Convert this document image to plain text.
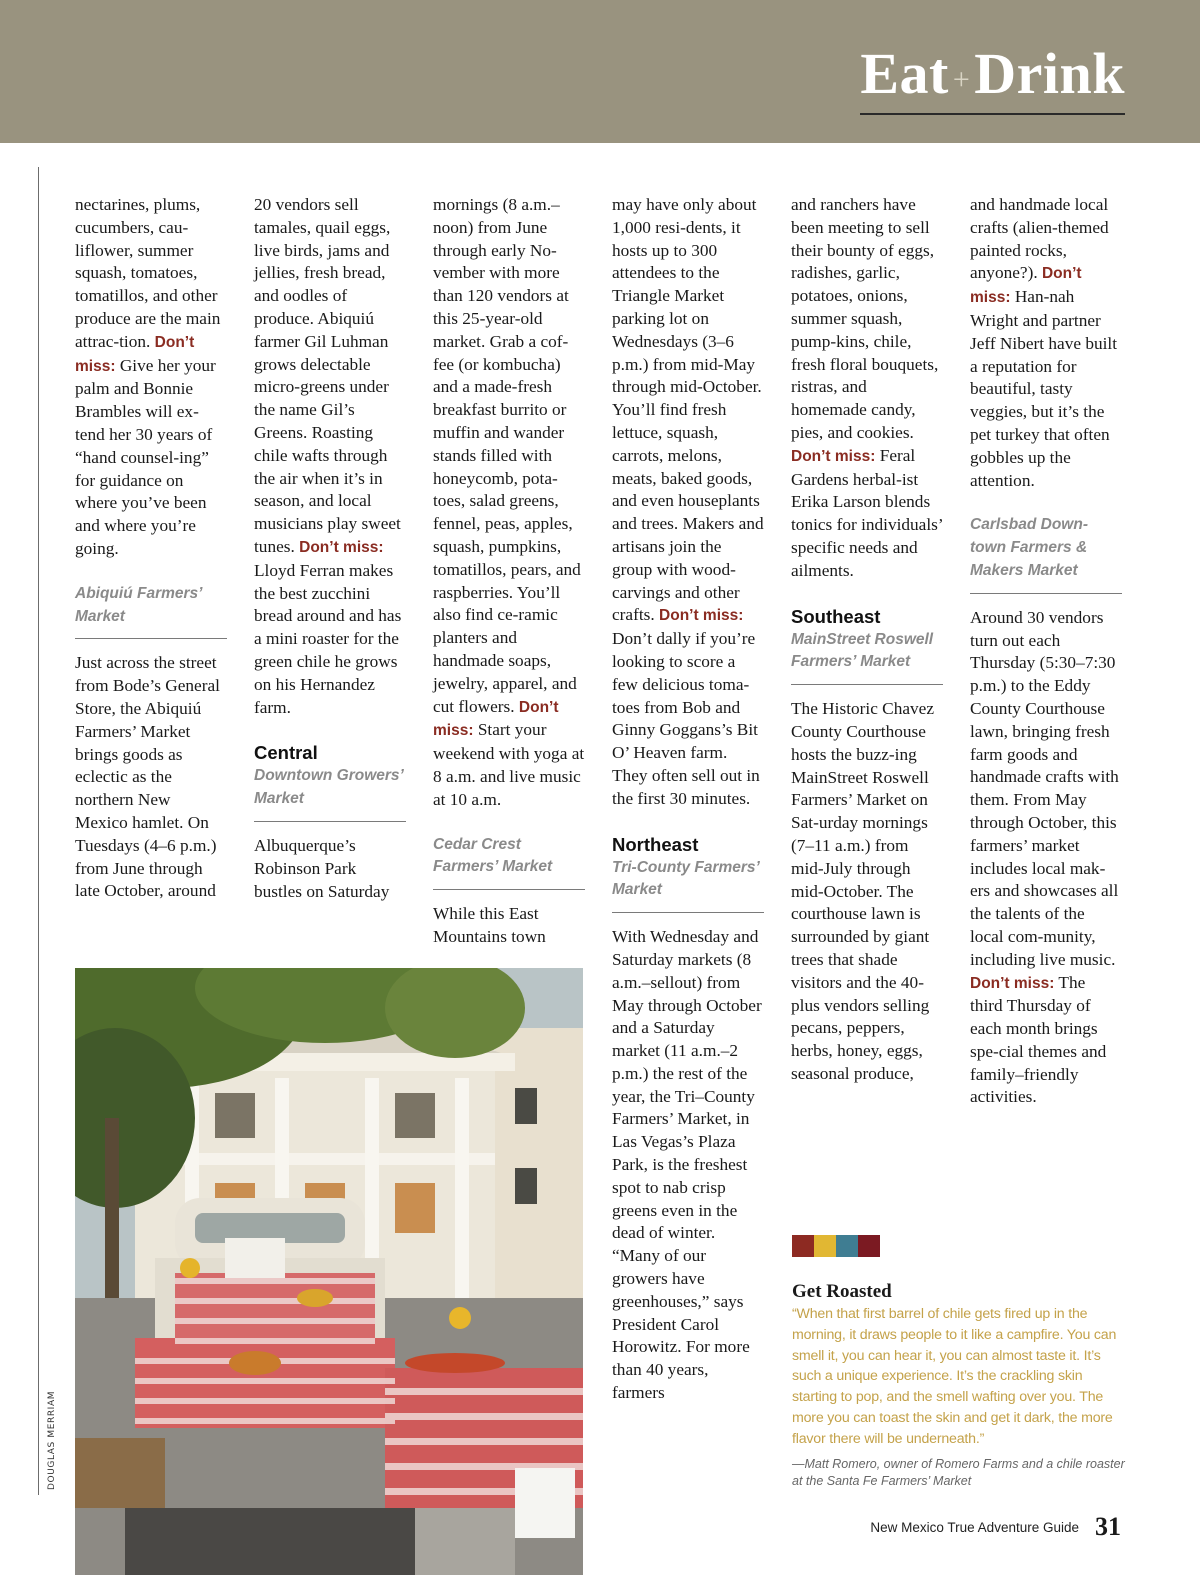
Eat +Drink
DOUGLAS MERRIAM

nectarines, plums, cucumbers, cau-liflower, summer squash, tomatoes, tomatillos, and other produce are the main attrac-tion. Don’t miss: Give her your palm and Bonnie Brambles will ex-tend her 30 years of “hand counsel-ing” for guidance on where you’ve been and where you’re going.

Abiquiú Farmers’ Market

Just across the street from Bode’s General Store, the Abiquiú Farmers’ Market brings goods as eclectic as the northern New Mexico hamlet. On Tuesdays (4–6 p.m.) from June through late October, around

20 vendors sell tamales, quail eggs, live birds, jams and jellies, fresh bread, and oodles of produce. Abiquiú farmer Gil Luhman grows delectable micro-greens under the name Gil’s Greens. Roasting chile wafts through the air when it’s in season, and local musicians play sweet tunes. Don’t miss: Lloyd Ferran makes the best zucchini bread around and has a mini roaster for the green chile he grows on his Hernandez farm.

Central
Downtown Growers’ Market

Albuquerque’s Robinson Park bustles on Saturday

mornings (8 a.m.–noon) from June through early No-vember with more than 120 vendors at this 25-year-old market. Grab a cof-fee (or kombucha) and a made-fresh breakfast burrito or muffin and wander stands filled with honeycomb, pota-toes, salad greens, fennel, peas, apples, squash, pumpkins, tomatillos, pears, and raspberries. You’ll also find ce-ramic planters and handmade soaps, jewelry, apparel, and cut flowers. Don’t miss: Start your weekend with yoga at 8 a.m. and live music at 10 a.m.

Cedar Crest Farmers’ Market

While this East Mountains town

may have only about 1,000 resi-dents, it hosts up to 300 attendees to the Triangle Market parking lot on Wednesdays (3–6 p.m.) from mid-May through mid-October. You’ll find fresh lettuce, squash, carrots, melons, meats, baked goods, and even houseplants and trees. Makers and artisans join the group with wood-carvings and other crafts. Don’t miss: Don’t dally if you’re looking to score a few delicious toma-toes from Bob and Ginny Goggans’s Bit O’ Heaven farm. They often sell out in the first 30 minutes.

Northeast
Tri-County Farmers’ Market

With Wednesday and Saturday markets (8 a.m.–sellout) from May through October and a Saturday market (11 a.m.–2 p.m.) the rest of the year, the Tri–County Farmers’ Market, in Las Vegas’s Plaza Park, is the freshest spot to nab crisp greens even in the dead of winter. “Many of our growers have greenhouses,” says President Carol Horowitz. For more than 40 years, farmers

and ranchers have been meeting to sell their bounty of eggs, radishes, garlic, potatoes, onions, summer squash, pump-kins, chile, fresh floral bouquets, ristras, and homemade candy, pies, and cookies. Don’t miss: Feral Gardens herbal-ist Erika Larson blends tonics for individuals’ specific needs and ailments.

Southeast
MainStreet Roswell Farmers’ Market

The Historic Chavez County Courthouse hosts the buzz-ing MainStreet Roswell Farmers’ Market on Sat-urday mornings (7–11 a.m.) from mid-July through mid-October. The courthouse lawn is surrounded by giant trees that shade visitors and the 40-plus vendors selling pecans, peppers, herbs, honey, eggs, seasonal produce,

and handmade local crafts (alien-themed painted rocks, anyone?). Don’t miss: Han-nah Wright and partner Jeff Nibert have built a reputation for beautiful, tasty veggies, but it’s the pet turkey that often gobbles up the attention.

Carlsbad Down-town Farmers & Makers Market

Around 30 vendors turn out each Thursday (5:30–7:30 p.m.) to the Eddy County Courthouse lawn, bringing fresh farm goods and handmade crafts with them. From May through October, this farmers’ market includes local mak-ers and showcases all the talents of the local com-munity, including live music. Don’t miss: The third Thursday of each month brings spe-cial themes and family–friendly activities.

Get Roasted
“When that first barrel of chile gets fired up in the morning, it draws people to it like a campfire. You can smell it, you can hear it, you can almost taste it. It’s such a unique experience. It’s the crackling skin starting to pop, and the smell wafting over you. The more you can toast the skin and get it dark, the more flavor there will be underneath.”
—Matt Romero, owner of Romero Farms and a chile roaster at the Santa Fe Farmers’ Market
New Mexico True Adventure Guide 31
